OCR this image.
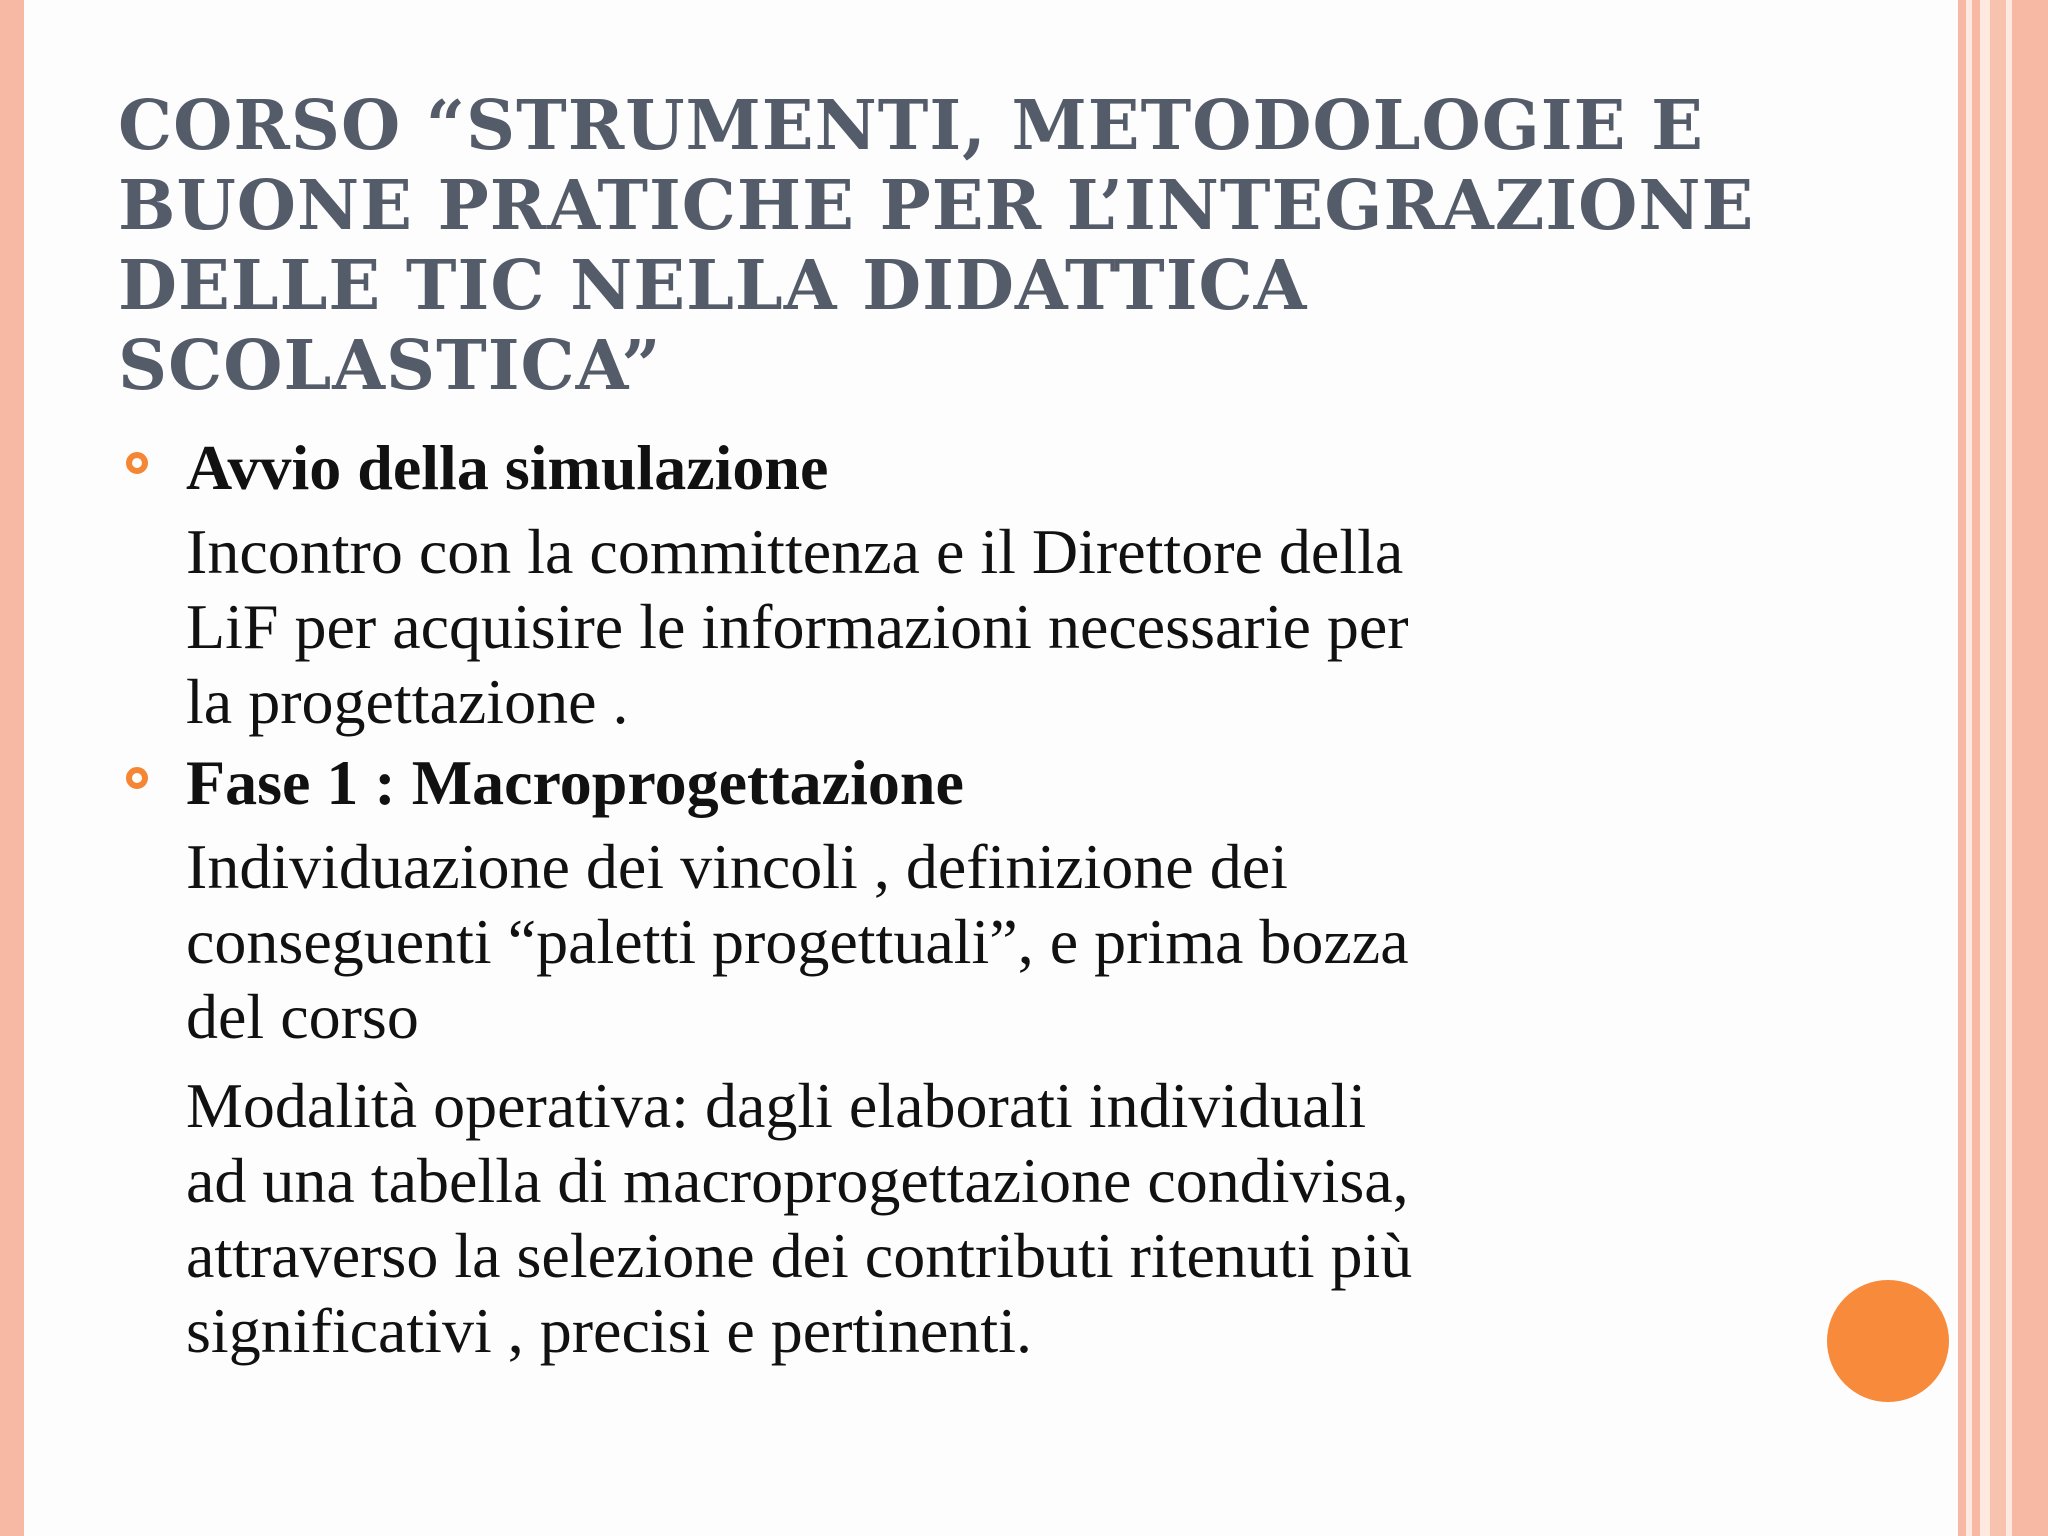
CORSO “STRUMENTI, METODOLOGIE E
BUONE PRATICHE PER L’INTEGRAZIONE
DELLE TIC NELLA DIDATTICA
SCOLASTICA”
Avvio della simulazione
Incontro con la committenza e il Direttore della
LiF per acquisire le informazioni necessarie per
la progettazione .
Fase 1 : Macroprogettazione
Individuazione dei vincoli , definizione dei
conseguenti “paletti progettuali”, e prima bozza
del corso
Modalità operativa: dagli elaborati individuali
ad una tabella di macroprogettazione condivisa,
attraverso la selezione dei contributi ritenuti più
significativi , precisi e pertinenti.
